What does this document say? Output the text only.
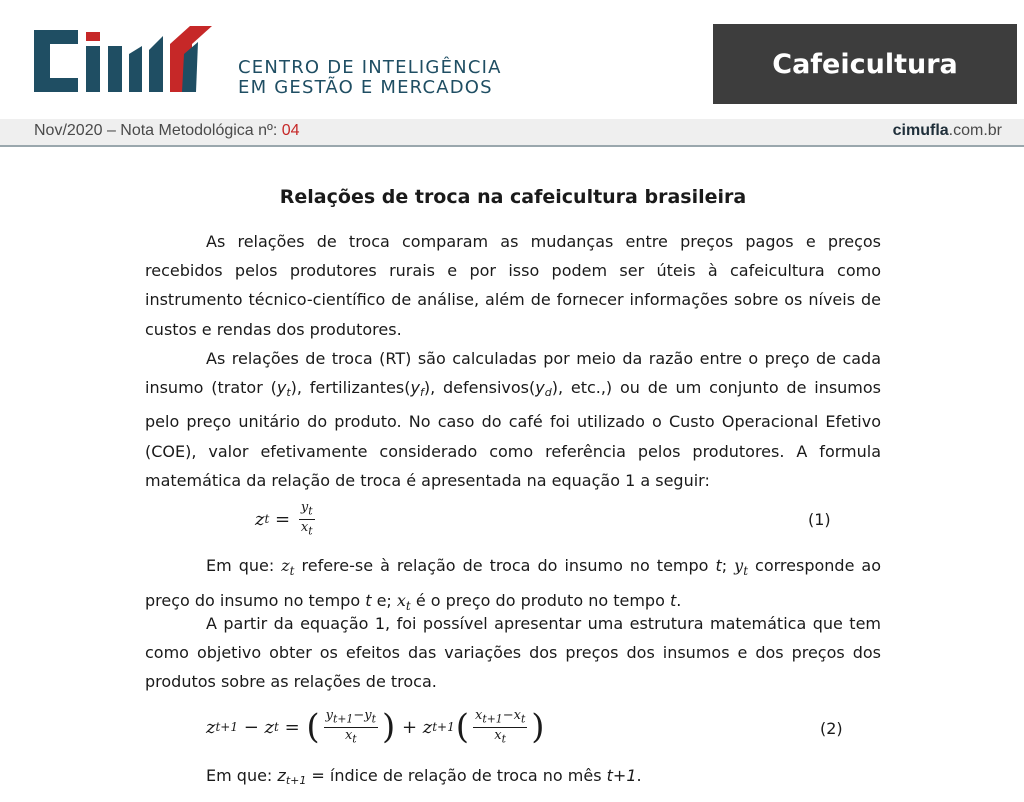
CENTRO DE INTELIGÊNCIA
EM GESTÃO E MERCADOS
Cafeicultura
Nov/2020 – Nota Metodológica nº: 04	cimufla.com.br
Relações de troca na cafeicultura brasileira

As relações de troca comparam as mudanças entre preços pagos e preços recebidos pelos produtores rurais e por isso podem ser úteis à cafeicultura como instrumento técnico-científico de análise, além de fornecer informações sobre os níveis de custos e rendas dos produtores.

As relações de troca (RT) são calculadas por meio da razão entre o preço de cada insumo (trator $(y_t)$, $fertilizantes(y_f)$, $defensivos(y_d)$, etc.,) ou de um conjunto de insumos pelo preço unitário do produto. No caso do café foi utilizado o Custo Operacional Efetivo (COE), valor efetivamente considerado como referência pelos produtores. A formula matemática da relação de troca é apresentada na equação 1 a seguir:

z $t = \frac{y_t}{x_t}$	(1)

Em que: $z_t$ refere-se à relação de troca do insumo no tempo t; $y_t$ corresponde ao preço do insumo no tempo t e; $x_t$ é o preço do produto no tempo t.

A partir da equação 1, foi possível apresentar uma estrutura matemática que tem como objetivo obter os efeitos das variações dos preços dos insumos e dos preços dos produtos sobre as relações de troca.

z t+1 − z t = ( $\frac{y_{t+1}-y_t}{x_t}$ ) + z t+1 ( $\frac{x_{t+1}-x_t}{x_t}$ )	(2)

Em que: $z_{t+1}$ = índice de relação de troca no mês t+1.
